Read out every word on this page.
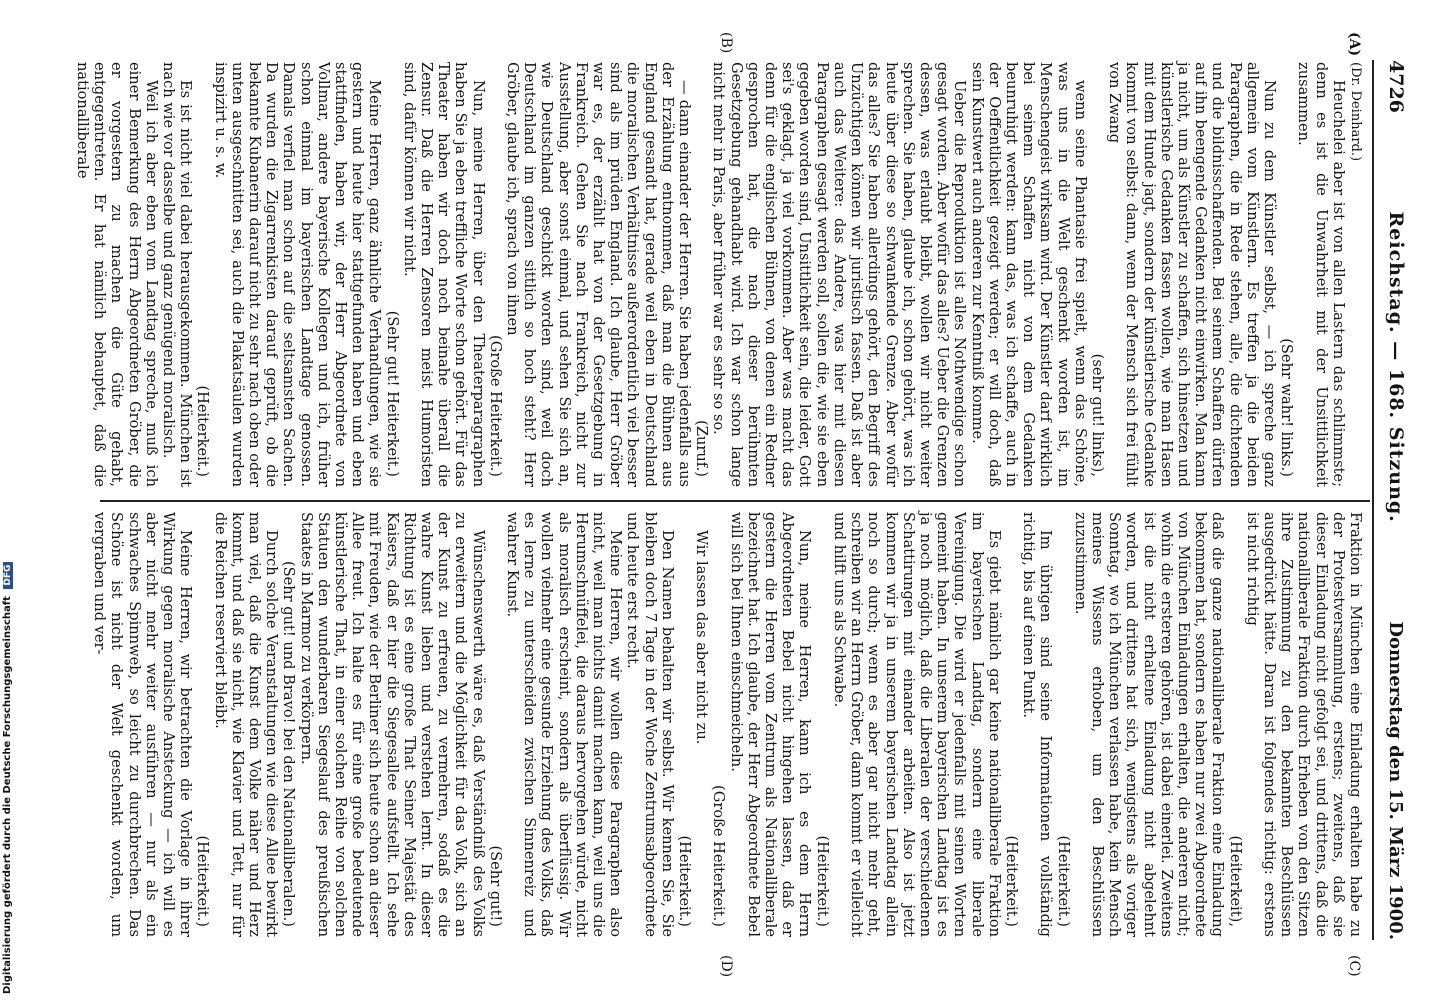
4726
Reichstag. — 168. Sitzung.
Donnerstag den 15. März 1900.
(A)
(B)
(C)
(D)

(Dr. Deinhard.)

Heuchelei aber ist von allen Lastern das schlimmste; denn es ist die Unwahrheit mit der Unsittlichkeit zusammen.

(Sehr wahr! links.)

Nun zu dem Künstler selbst, — ich spreche ganz allgemein vom Künstlern. Es treffen ja die beiden Paragraphen, die in Rede stehen, alle, die dichtenden und die bildnisschaffenden. Bei seinem Schaffen dürfen auf ihn beengende Gedanken nicht einwirken. Man kann ja nicht, um als Künstler zu schaffen, sich hinsetzen und künstlerische Gedanken fassen wollen, wie man Hasen mit dem Hunde jagt, sondern der künstlerische Gedanke kommt von selbst: dann, wenn der Mensch sich frei fühlt von Zwang

(sehr gut! links),

wenn seine Phantasie frei spielt, wenn das Schöne, was uns in die Welt geschenkt worden ist, im Menschengeist wirksam wird. Der Künstler darf wirklich bei seinem Schaffen nicht von dem Gedanken beunruhigt werden: kann das, was ich schaffe, auch in der Oeffentlichkeit gezeigt werden; er will doch, daß sein Kunstwert auch anderen zur Kenntniß komme.

Ueber die Reproduktion ist alles Nothwendige schon gesagt worden. Aber wofür das alles? Ueber die Grenzen dessen, was erlaubt bleibt, wollen wir nicht weiter sprechen. Sie haben, glaube ich, schon gehört, was ich heute über diese so schwankende Grenze. Aber wofür das alles? Sie haben allerdings gehört, den Begriff des Unzüchtigen können wir juristisch fassen. Daß ist aber auch das Weitere: das Andere, was hier mit diesen Paragraphen gesagt werden soll, sollen die, wie sie eben gegeben worden sind, Unsittlichkeit sein, die leider, Gott sei's geklagt, ja viel vorkommen. Aber was macht das denn für die englischen Bühnen, von denen ein Redner gesprochen hat, die nach dieser berühmten Gesetzgebung gehandhabt wird. Ich war schon lange nicht mehr in Paris, aber früher war es sehr so so.

(Zuruf.)

— dann einander der Herren. Sie haben jedenfalls aus der Erzählung entnommen, daß man die Bühnen aus England gesandt hat, gerade weil eben in Deutschland die moralischen Verhältnisse außerordentlich viel besser sind als im prüden England. Ich glaube, Herr Gröber war es, der erzählt hat von der Gesetzgebung in Frankreich. Gehen Sie nach Frankreich, nicht zur Ausstellung, aber sonst einmal, und sehen Sie sich an, wie Deutschland geschickt worden sind, weil doch Deutschland im ganzen sittlich so hoch steht? Herr Gröber, glaube ich, sprach von ihnen

(Große Heiterkeit.)

Nun, meine Herren, über den Theaterparagraphen haben Sie ja eben treffliche Worte schon gehört. Für das Theater haben wir doch noch beinahe überall die Zensur. Daß die Herren Zensoren meist Humoristen sind, dafür können wir nicht.

(Sehr gut! Heiterkeit.)

Meine Herren, ganz ähnliche Verhandlungen, wie sie gestern und heute hier stattgefunden haben und eben stattfinden, haben wir, der Herr Abgeordnete von Vollmar, andere bayerische Kollegen und ich, früher schon einmal im bayerischen Landtage genossen. Damals verfiel man schon auf die seltsamsten Sachen. Da wurden die Zigarrenkisten darauf geprüft, ob die bekannte Kubanerin darauf nicht zu sehr nach oben oder unten ausgeschnitten sei, auch die Plakatsäulen wurden inspizirt u. s. w.

(Heiterkeit.)

Es ist nicht viel dabei herausgekommen. München ist nach wie vor dasselbe und ganz genügend moralisch.

Weil ich aber eben vom Landtag spreche, muß ich einer Bemerkung des Herrn Abgeordneten Gröber, die er vorgestern zu machen die Güte gehabt, entgegentreten. Er hat nämlich behauptet, daß die nationalliberale

Fraktion in München eine Einladung erhalten habe zu der Protestversammlung, erstens; zweitens, daß sie dieser Einladung nicht gefolgt sei, und drittens, daß die nationalliberale Fraktion durch Erheben von den Sitzen ihre Zustimmung zu den bekannten Beschlüssen ausgedrückt hätte. Daran ist folgendes richtig: erstens ist nicht richtig

(Heiterkeit),

daß die ganze nationalliberale Fraktion eine Einladung bekommen hat, sondern es haben nur zwei Abgeordnete von München Einladungen erhalten, die anderen nicht; wohin die ersteren gehören, ist dabei einerlei. Zweitens ist die nicht erhaltene Einladung nicht abgelehnt worden, und drittens hat sich, wenigstens als voriger Sonntag, wo ich München verlassen habe, kein Mensch meines Wissens erhoben, um den Beschlüssen zuzustimmen.

(Heiterkeit.)

Im übrigen sind seine Informationen vollständig richtig, bis auf einen Punkt.

(Heiterkeit.)

Es giebt nämlich gar keine nationalliberale Fraktion im bayerischen Landtag, sondern eine liberale Vereinigung. Die wird er jedenfalls mit seinen Worten gemeint haben. In unserem bayerischen Landtag ist es ja noch möglich, daß die Liberalen der verschiedenen Schattirungen mit einander arbeiten. Also ist jetzt kommen wir ja in unserem bayerischen Landtag allein noch so durch; wenn es aber gar nicht mehr geht, schreiben wir an Herrn Gröber, dann kommt er vielleicht und hilft uns als Schwabe.

(Heiterkeit.)

Nun, meine Herren, kann ich es dem Herrn Abgeordneten Bebel nicht hingehen lassen, daß er gestern die Herren vom Zentrum als Nationalliberale bezeichnet hat. Ich glaube, der Herr Abgeordnete Bebel will sich bei Ihnen einschmeicheln.

(Große Heiterkeit.)

Wir lassen das aber nicht zu.

(Heiterkeit.)

Den Namen behalten wir selbst. Wir kennen Sie, Sie bleiben doch 7 Tage in der Woche Zentrumsabgeordnete und heute erst recht.

Meine Herren, wir wollen diese Paragraphen also nicht, weil man nichts damit machen kann, weil uns die Herumschnüffelei, die daraus hervorgehen würde, nicht als moralisch erscheint, sondern als überflüssig. Wir wollen vielmehr eine gesunde Erziehung des Volks, daß es lerne zu unterscheiden zwischen Sinnenreiz und wahrer Kunst.

(Sehr gut!)

Wünschenswerth wäre es, daß Verständniß des Volks zu erweitern und die Möglichkeit für das Volk, sich an der Kunst zu erfreuen, zu vermehren, sodaß es die wahre Kunst lieben und verstehen lernt. In dieser Richtung ist es eine große That Seiner Majestät des Kaisers, daß er hier die Siegesallee aufstellt. Ich sehe mit Freuden, wie der Berliner sich heute schon an dieser Allee freut. Ich halte es für eine große bedeutende künstlerische That, in einer solchen Reihe von solchen Statuen den wunderbaren Siegeslauf des preußischen Staates in Marmor zu verkörpern.

(Sehr gut! und Bravo! bei den Nationalliberalen.)

Durch solche Veranstaltungen wie diese Allee bewirkt man viel, daß die Kunst dem Volke näher und Herz kommt, und daß sie nicht, wie Klavier und Tett, nur für die Reichen reserviert bleibt.

(Heiterkeit.)

Meine Herren, wir betrachten die Vorlage in ihrer Wirkung gegen moralische Ansteckung — ich will es aber nicht mehr weiter ausführen — nur als ein schwaches Spinnweb, so leicht zu durchbrechen. Das Schöne ist nicht der Welt geschenkt worden, um vergraben und ver-

Digitalisierung gefördert durch die Deutsche Forschungsgemeinschaft DFG
